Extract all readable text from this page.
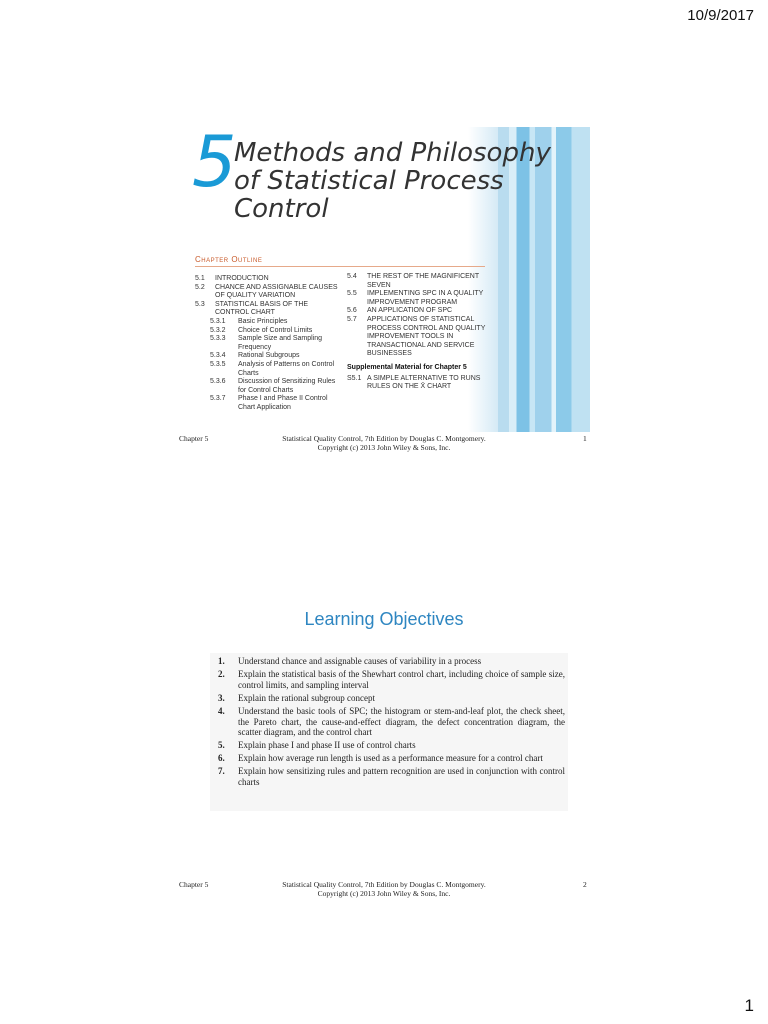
10/9/2017
5
Methods and Philosophy of Statistical Process Control
Chapter Outline
5.1	INTRODUCTION
5.2	CHANCE AND ASSIGNABLE CAUSES OF QUALITY VARIATION
5.3	STATISTICAL BASIS OF THE CONTROL CHART
5.3.1	Basic Principles
5.3.2	Choice of Control Limits
5.3.3	Sample Size and Sampling Frequency
5.3.4	Rational Subgroups
5.3.5	Analysis of Patterns on Control Charts
5.3.6	Discussion of Sensitizing Rules for Control Charts
5.3.7	Phase I and Phase II Control Chart Application
5.4	THE REST OF THE MAGNIFICENT SEVEN
5.5	IMPLEMENTING SPC IN A QUALITY IMPROVEMENT PROGRAM
5.6	AN APPLICATION OF SPC
5.7	APPLICATIONS OF STATISTICAL PROCESS CONTROL AND QUALITY IMPROVEMENT TOOLS IN TRANSACTIONAL AND SERVICE BUSINESSES
Supplemental Material for Chapter 5
S5.1 A SIMPLE ALTERNATIVE TO RUNS RULES ON THE X̄ CHART
Chapter 5	Statistical Quality Control, 7th Edition by Douglas C. Montgomery.
Copyright (c) 2013 John Wiley & Sons, Inc.
1
Learning Objectives
1.	Understand chance and assignable causes of variability in a process
2.	Explain the statistical basis of the Shewhart control chart, including choice of sample size, control limits, and sampling interval
3.	Explain the rational subgroup concept
4.	Understand the basic tools of SPC; the histogram or stem-and-leaf plot, the check sheet, the Pareto chart, the cause-and-effect diagram, the defect concentration diagram, the scatter diagram, and the control chart
5.	Explain phase I and phase II use of control charts
6.	Explain how average run length is used as a performance measure for a control chart
7.	Explain how sensitizing rules and pattern recognition are used in conjunction with control charts
Chapter 5	Statistical Quality Control, 7th Edition by Douglas C. Montgomery.
Copyright (c) 2013 John Wiley & Sons, Inc.
2
1
